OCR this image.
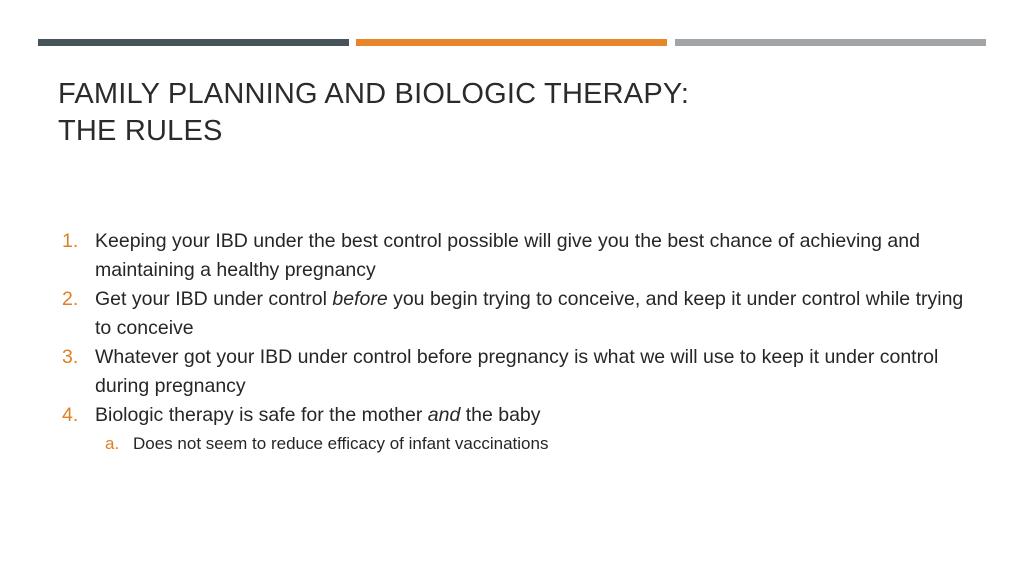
FAMILY PLANNING AND BIOLOGIC THERAPY:
THE RULES
1. Keeping your IBD under the best control possible will give you the best chance of achieving and maintaining a healthy pregnancy
2. Get your IBD under control before you begin trying to conceive, and keep it under control while trying to conceive
3. Whatever got your IBD under control before pregnancy is what we will use to keep it under control during pregnancy
4. Biologic therapy is safe for the mother and the baby
a. Does not seem to reduce efficacy of infant vaccinations
